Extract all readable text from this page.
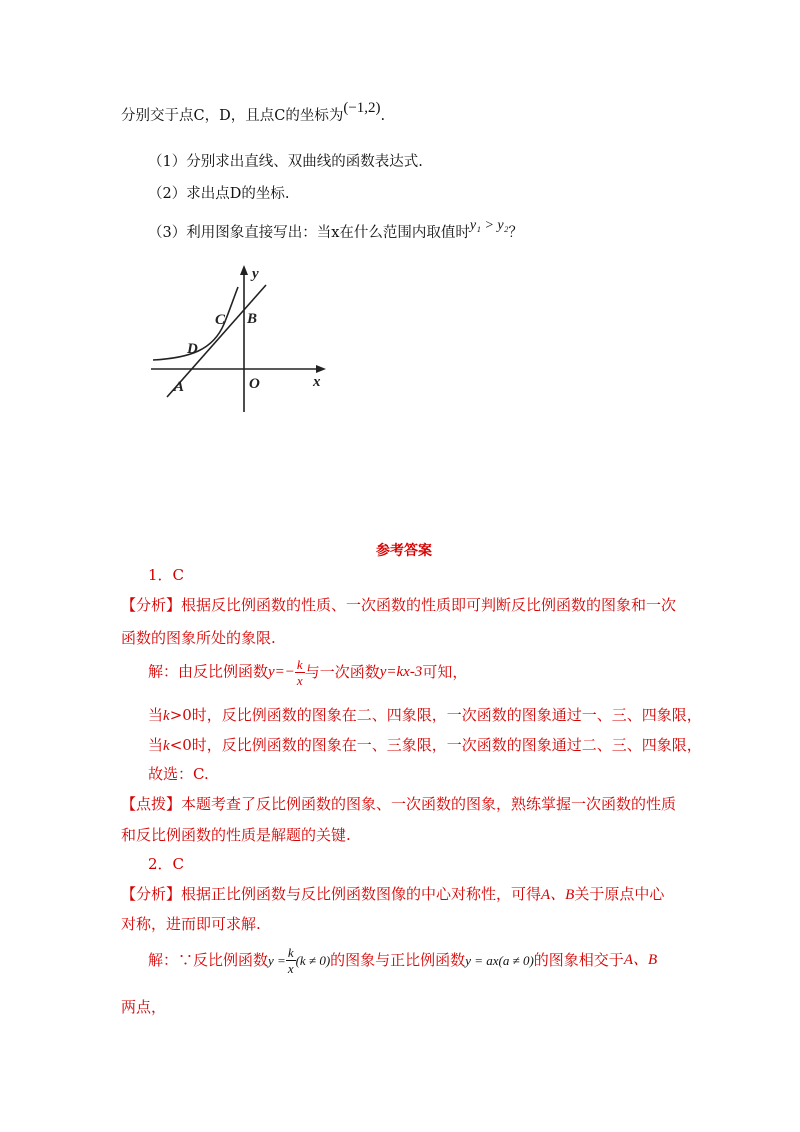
分别交于点C，D，且点C的坐标为(−1,2).
（1）分别求出直线、双曲线的函数表达式.
（2）求出点D的坐标.
（3）利用图象直接写出：当x在什么范围内取值时y₁ > y₂？
y
x
C B
D
A	O
参考答案
1．C
【分析】根据反比例函数的性质、一次函数的性质即可判断反比例函数的图象和一次
函数的图象所处的象限.
解：由反比例函数$y=- \frac{k}{x}$ 与一次函数y=kx-3可知，
当k>0时，反比例函数的图象在二、四象限，一次函数的图象通过一、三、四象限，
当k<0时，反比例函数的图象在一、三象限，一次函数的图象通过二、三、四象限，
故选：C.
【点拨】本题考查了反比例函数的图象、一次函数的图象，熟练掌握一次函数的性质
和反比例函数的性质是解题的关键.
2．C
【分析】根据正比例函数与反比例函数图像的中心对称性，可得A、B关于原点中心
对称，进而即可求解.
解：∵反比例函数$y = \frac{k}{x} (k \ne 0)$的图象与正比例函数y = ax(a ≠ 0)的图象相交于A、B
两点，
